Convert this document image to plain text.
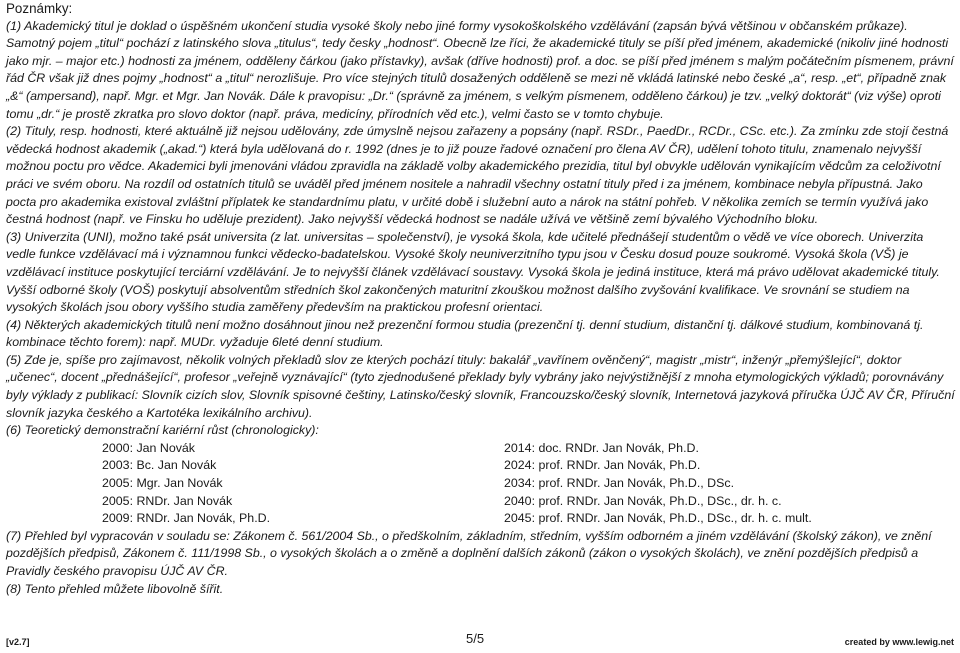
Poznámky:

(1) Akademický titul je doklad o úspěšném ukončení studia vysoké školy nebo jiné formy vysokoškolského vzdělávání (zapsán bývá většinou v občanském průkaze). Samotný pojem „titul“ pochází z latinského slova „titulus“, tedy česky „hodnost“. Obecně lze říci, že akademické tituly se píší před jménem, akademické (nikoliv jiné hodnosti jako mjr. – major etc.) hodnosti za jménem, odděleny čárkou (jako přístavky), avšak (dříve hodnosti) prof. a doc. se píší před jménem s malým počátečním písmenem, právní řád ČR však již dnes pojmy „hodnost“ a „titul“ nerozlišuje. Pro více stejných titulů dosažených odděleně se mezi ně vkládá latinské nebo české „a“, resp. „et“, případně znak „&“ (ampersand), např. Mgr. et Mgr. Jan Novák. Dále k pravopisu: „Dr.“ (správně za jménem, s velkým písmenem, odděleno čárkou) je tzv. „velký doktorát“ (viz výše) oproti tomu „dr.“ je prostě zkratka pro slovo doktor (např. práva, medicíny, přírodních věd etc.), velmi často se v tomto chybuje.

(2) Tituly, resp. hodnosti, které aktuálně již nejsou udělovány, zde úmyslně nejsou zařazeny a popsány (např. RSDr., PaedDr., RCDr., CSc. etc.). Za zmínku zde stojí čestná vědecká hodnost akademik („akad.“) která byla udělovaná do r. 1992 (dnes je to již pouze řadové označení pro člena AV ČR), udělení tohoto titulu, znamenalo nejvyšší možnou poctu pro vědce. Akademici byli jmenováni vládou zpravidla na základě volby akademického prezidia, titul byl obvykle udělován vynikajícím vědcům za celoživotní práci ve svém oboru. Na rozdíl od ostatních titulů se uváděl před jménem nositele a nahradil všechny ostatní tituly před i za jménem, kombinace nebyla přípustná. Jako pocta pro akademika existoval zvláštní příplatek ke standardnímu platu, v určité době i služební auto a nárok na státní pohřeb. V několika zemích se termín využívá jako čestná hodnost (např. ve Finsku ho uděluje prezident). Jako nejvyšší vědecká hodnost se nadále užívá ve většině zemí bývalého Východního bloku.

(3) Univerzita (UNI), možno také psát universita (z lat. universitas – společenství), je vysoká škola, kde učitelé přednášejí studentům o vědě ve více oborech. Univerzita vedle funkce vzdělávací má i významnou funkci vědecko-badatelskou. Vysoké školy neuniverzitního typu jsou v Česku dosud pouze soukromé. Vysoká škola (VŠ) je vzdělávací instituce poskytující terciární vzdělávání. Je to nejvyšší článek vzdělávací soustavy. Vysoká škola je jediná instituce, která má právo udělovat akademické tituly. Vyšší odborné školy (VOŠ) poskytují absolventům středních škol zakončených maturitní zkouškou možnost dalšího zvyšování kvalifikace. Ve srovnání se studiem na vysokých školách jsou obory vyššího studia zaměřeny především na praktickou profesní orientaci.

(4) Některých akademických titulů není možno dosáhnout jinou než prezenční formou studia (prezenční tj. denní studium, distanční tj. dálkové studium, kombinovaná tj. kombinace těchto forem): např. MUDr. vyžaduje 6leté denní studium.

(5) Zde je, spíše pro zajímavost, několik volných překladů slov ze kterých pochází tituly: bakalář „vavřínem ověnčený“, magistr „mistr“, inženýr „přemýšlející“, doktor „učenec“, docent „přednášející“, profesor „veřejně vyznávající“ (tyto zjednodušené překlady byly vybrány jako nejvýstižnější z mnoha etymologických výkladů; porovnávány byly výklady z publikací: Slovník cizích slov, Slovník spisovné češtiny, Latinsko/český slovník, Francouzsko/český slovník, Internetová jazyková příručka ÚJČ AV ČR, Příruční slovník jazyka českého a Kartotéka lexikálního archivu).

(6) Teoretický demonstrační kariérní růst (chronologicky):

2000: Jan Novák
2003: Bc. Jan Novák
2005: Mgr. Jan Novák
2005: RNDr. Jan Novák
2009: RNDr. Jan Novák, Ph.D.
2014: doc. RNDr. Jan Novák, Ph.D.
2024: prof. RNDr. Jan Novák, Ph.D.
2034: prof. RNDr. Jan Novák, Ph.D., DSc.
2040: prof. RNDr. Jan Novák, Ph.D., DSc., dr. h. c.
2045: prof. RNDr. Jan Novák, Ph.D., DSc., dr. h. c. mult.

(7) Přehled byl vypracován v souladu se: Zákonem č. 561/2004 Sb., o předškolním, základním, středním, vyšším odborném a jiném vzdělávání (školský zákon), ve znění pozdějších předpisů, Zákonem č. 111/1998 Sb., o vysokých školách a o změně a doplnění dalších zákonů (zákon o vysokých školách), ve znění pozdějších předpisů a Pravidly českého pravopisu ÚJČ AV ČR.

(8) Tento přehled můžete libovolně šířit.

[v2.7]	5/5	created by www.lewig.net
